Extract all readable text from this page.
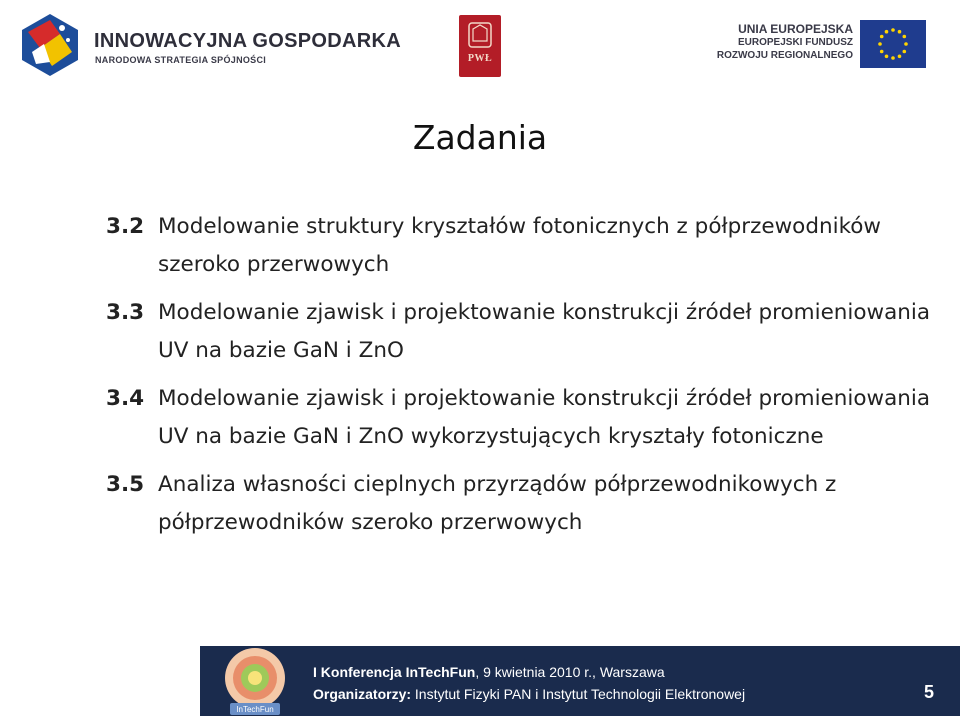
INNOWACYJNA GOSPODARKA
NARODOWA STRATEGIA SPÓJNOŚCI	PWŁ
UNIA EUROPEJSKA
EUROPEJSKI FUNDUSZ
ROZWOJU REGIONALNEGO
Zadania
3.2 Modelowanie struktury kryształów fotonicznych z półprzewodników szeroko przerwowych
3.3 Modelowanie zjawisk i projektowanie konstrukcji źródeł promieniowania UV na bazie GaN i ZnO
3.4 Modelowanie zjawisk i projektowanie konstrukcji źródeł promieniowania UV na bazie GaN i ZnO wykorzystujących kryształy fotoniczne
3.5 Analiza własności cieplnych przyrządów półprzewodnikowych z półprzewodników szeroko przerwowych
InTechFun
I Konferencja InTechFun, 9 kwietnia 2010 r., Warszawa
Organizatorzy: Instytut Fizyki PAN i Instytut Technologii Elektronowej	5
